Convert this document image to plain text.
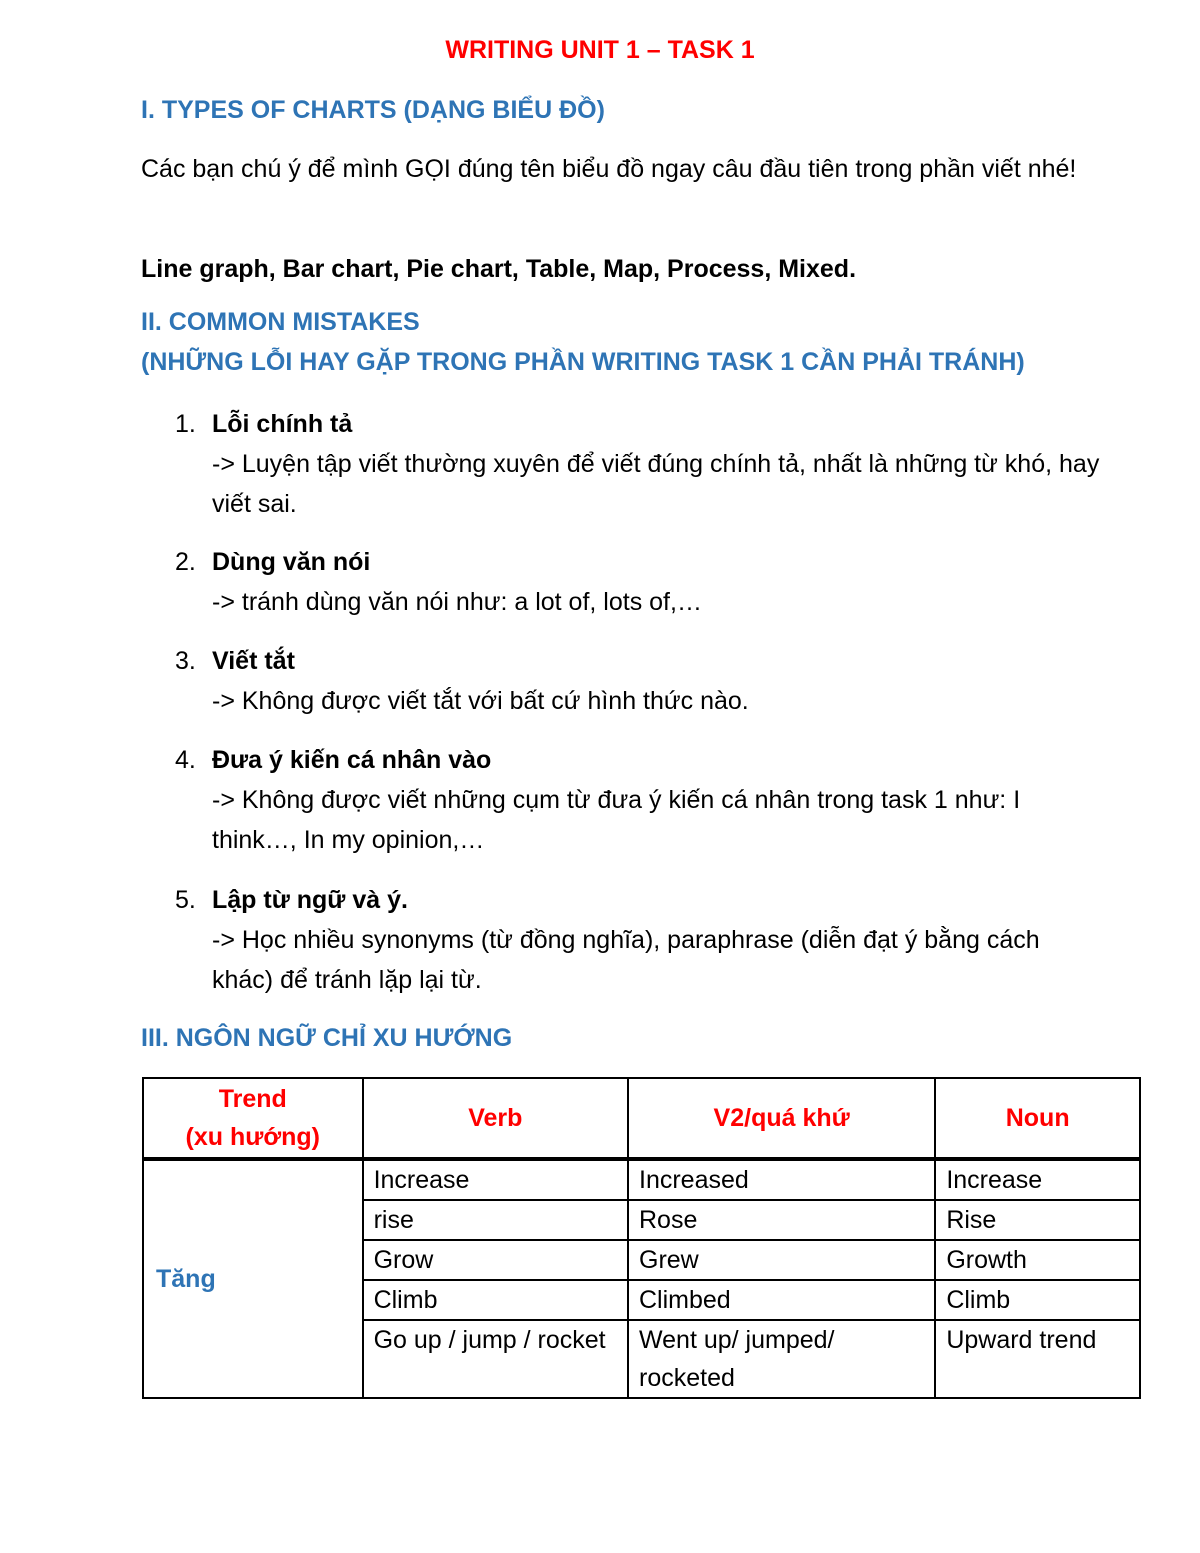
WRITING UNIT 1 – TASK 1
I. TYPES OF CHARTS (DẠNG BIỂU ĐỒ)
Các bạn chú ý để mình GỌI đúng tên biểu đồ ngay câu đầu tiên trong phần viết nhé!
Line graph, Bar chart, Pie chart, Table, Map, Process, Mixed.
II. COMMON MISTAKES
(NHỮNG LỖI HAY GẶP TRONG PHẦN WRITING TASK 1 CẦN PHẢI TRÁNH)
1. Lỗi chính tả
-> Luyện tập viết thường xuyên để viết đúng chính tả, nhất là những từ khó, hay viết sai.
2. Dùng văn nói
-> tránh dùng văn nói như: a lot of, lots of,…
3. Viết tắt
-> Không được viết tắt với bất cứ hình thức nào.
4. Đưa ý kiến cá nhân vào
-> Không được viết những cụm từ đưa ý kiến cá nhân trong task 1 như: I think…, In my opinion,…
5. Lập từ ngữ và ý.
-> Học nhiều synonyms (từ đồng nghĩa), paraphrase (diễn đạt ý bằng cách khác) để tránh lặp lại từ.
III. NGÔN NGỮ CHỈ XU HƯỚNG
Trend
(xu hướng)	Verb	V2/quá khứ	Noun
Tăng	Increase	Increased	Increase
	rise	Rose	Rise
	Grow	Grew	Growth
	Climb	Climbed	Climb
	Go up / jump / rocket	Went up/ jumped/ rocketed	Upward trend
